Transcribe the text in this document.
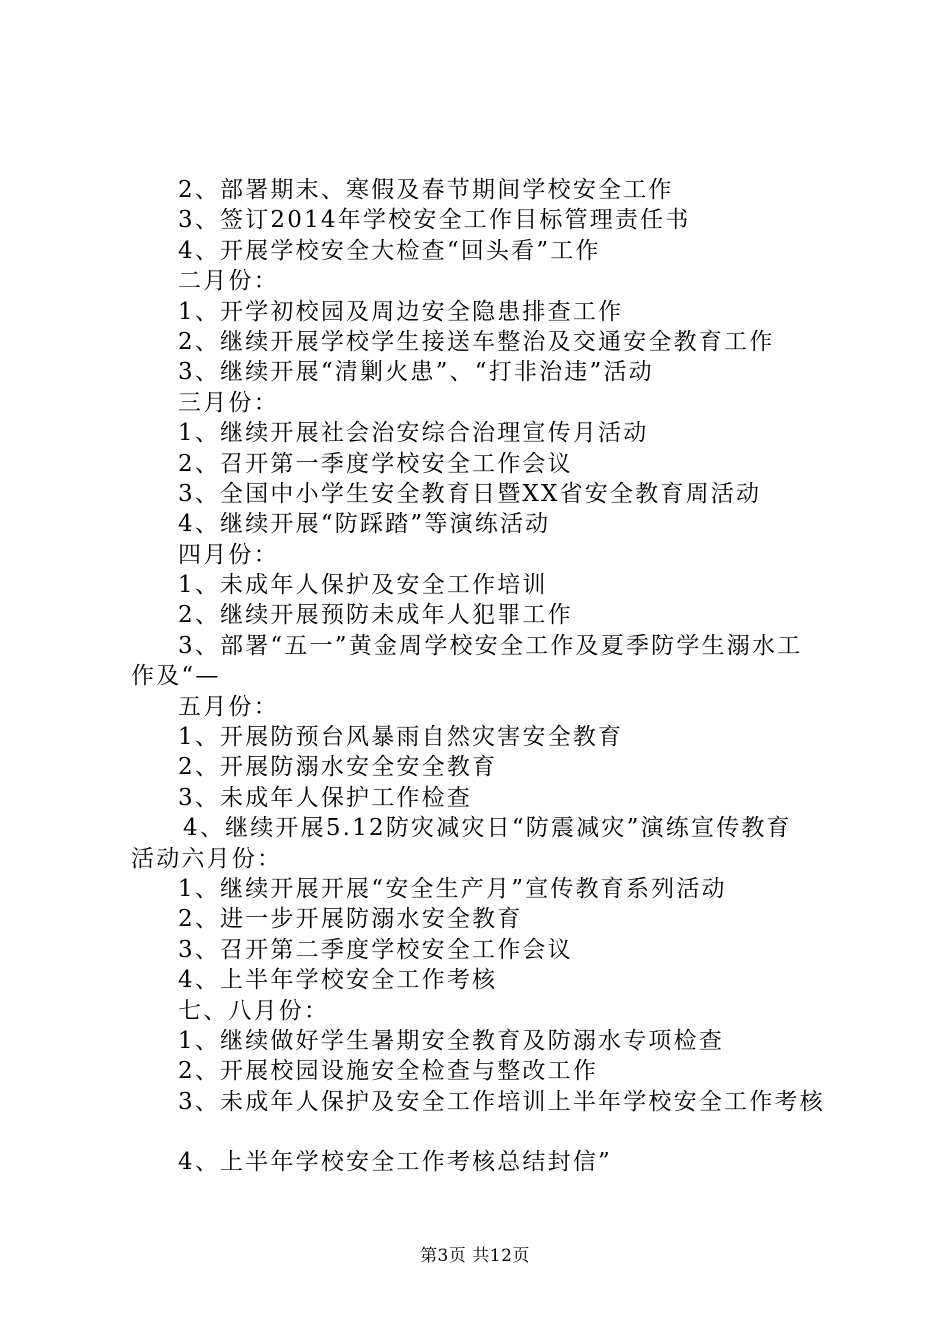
2、部署期末、寒假及春节期间学校安全工作
3、签订2014年学校安全工作目标管理责任书
4、开展学校安全大检查“回头看”工作
二月份：
1、开学初校园及周边安全隐患排查工作
2、继续开展学校学生接送车整治及交通安全教育工作
3、继续开展“清剿火患”、“打非治违”活动
三月份：
1、继续开展社会治安综合治理宣传月活动
2、召开第一季度学校安全工作会议
3、全国中小学生安全教育日暨XX省安全教育周活动
4、继续开展“防踩踏”等演练活动
四月份：
1、未成年人保护及安全工作培训
2、继续开展预防未成年人犯罪工作
3、部署“五一”黄金周学校安全工作及夏季防学生溺水工
作及“—
五月份：
1、开展防预台风暴雨自然灾害安全教育
2、开展防溺水安全安全教育
3、未成年人保护工作检查
4、继续开展5.12防灾减灾日“防震减灾”演练宣传教育
活动六月份：
1、继续开展开展“安全生产月”宣传教育系列活动
2、进一步开展防溺水安全教育
3、召开第二季度学校安全工作会议
4、上半年学校安全工作考核
七、八月份：
1、继续做好学生暑期安全教育及防溺水专项检查
2、开展校园设施安全检查与整改工作
3、未成年人保护及安全工作培训上半年学校安全工作考核
4、上半年学校安全工作考核总结封信”
第3页 共12页
